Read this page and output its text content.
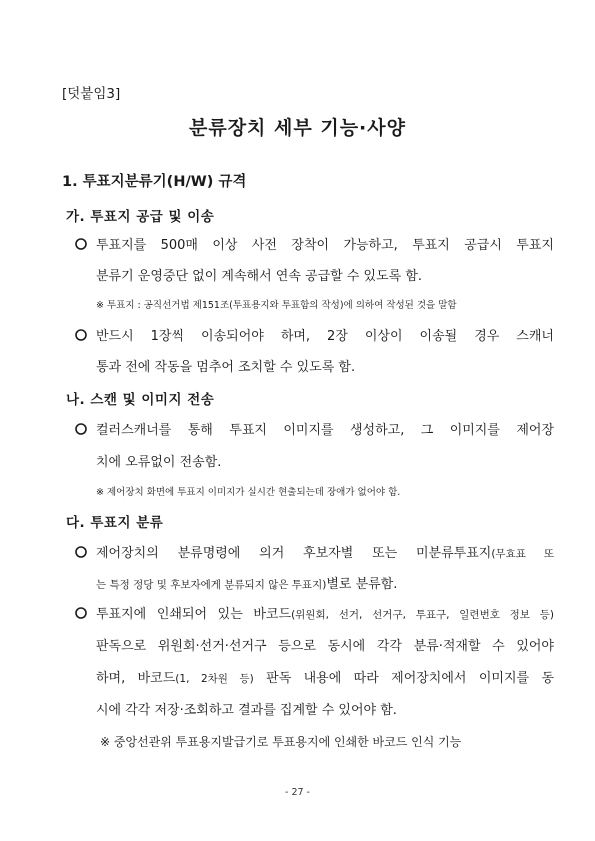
[덧붙임3]
분류장치 세부 기능·사양
1. 투표지분류기(H/W) 규격
가. 투표지 공급 및 이송
투표지를 500매 이상 사전 장착이 가능하고, 투표지 공급시 투표지
분류기 운영중단 없이 계속해서 연속 공급할 수 있도록 함.
※ 투표지 : 공직선거법 제151조(투표용지와 투표함의 작성)에 의하여 작성된 것을 말함
반드시 1장씩 이송되어야 하며, 2장 이상이 이송될 경우 스캐너
통과 전에 작동을 멈추어 조치할 수 있도록 함.
나. 스캔 및 이미지 전송
컬러스캐너를 통해 투표지 이미지를 생성하고, 그 이미지를 제어장
치에 오류없이 전송함.
※ 제어장치 화면에 투표지 이미지가 실시간 현출되는데 장애가 없어야 함.
다. 투표지 분류
제어장치의 분류명령에 의거 후보자별 또는 미분류투표지(무효표 또
는 특정 정당 및 후보자에게 분류되지 않은 투표지)별로 분류함.
투표지에 인쇄되어 있는 바코드(위원회, 선거, 선거구, 투표구, 일련번호 정보 등)
판독으로 위원회·선거·선거구 등으로 동시에 각각 분류·적재할 수 있어야
하며, 바코드(1, 2차원 등) 판독 내용에 따라 제어장치에서 이미지를 동
시에 각각 저장·조회하고 결과를 집계할 수 있어야 함.
※ 중앙선관위 투표용지발급기로 투표용지에 인쇄한 바코드 인식 기능
- 27 -
